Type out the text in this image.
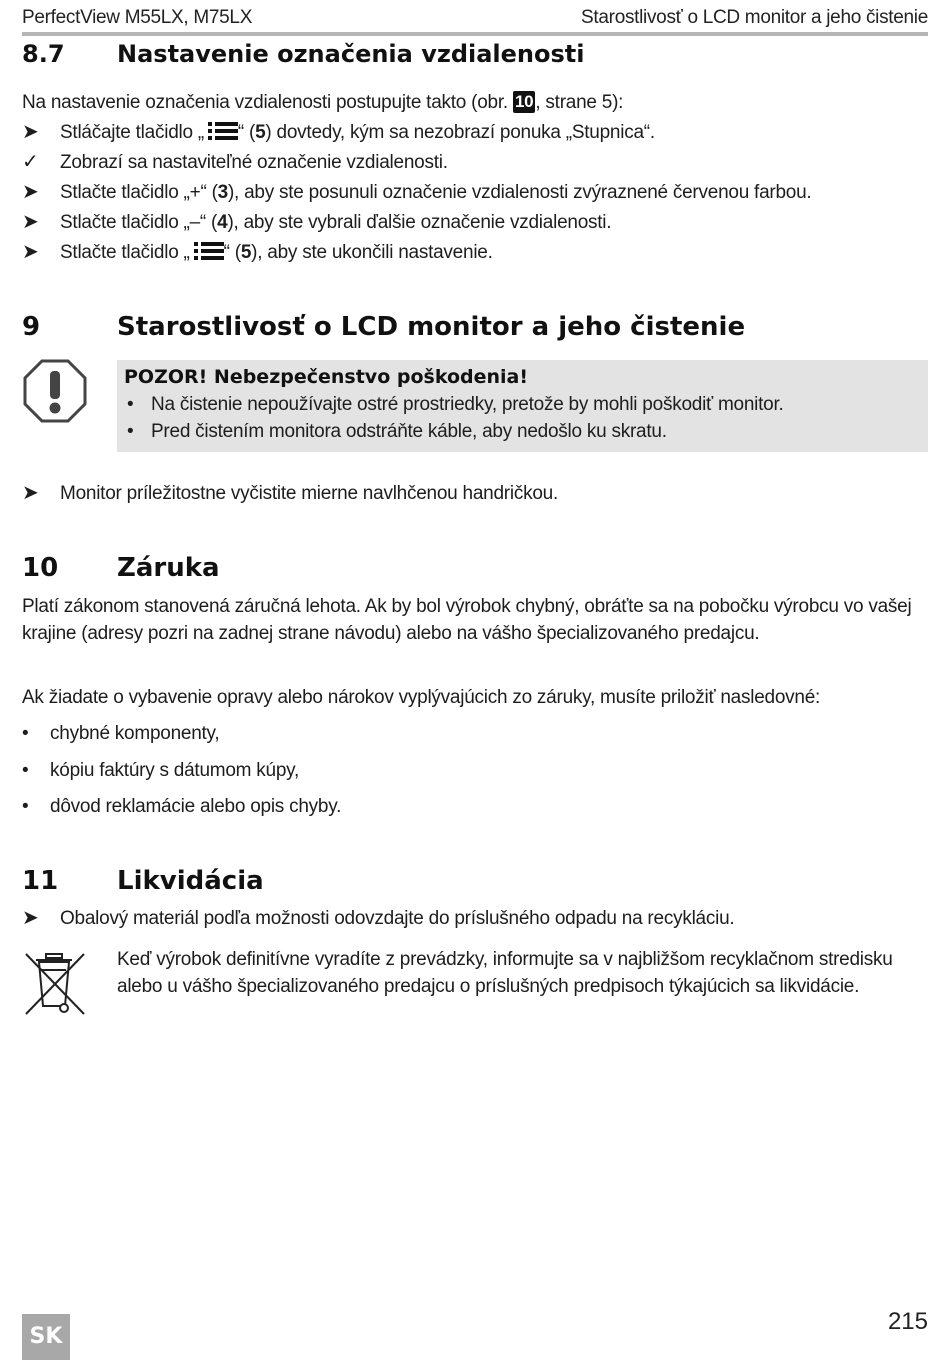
PerfectView M55LX, M75LX	Starostlivosť o LCD monitor a jeho čistenie
8.7 Nastavenie označenia vzdialenosti
Na nastavenie označenia vzdialenosti postupujte takto (obr. 10 , strane 5):
➤	Stláčajte tlačidlo „ “ (5) dovtedy, kým sa nezobrazí ponuka „Stupnica“.
✓	Zobrazí sa nastaviteľné označenie vzdialenosti.
➤	Stlačte tlačidlo „+“ (3), aby ste posunuli označenie vzdialenosti zvýraznené červenou farbou.
➤	Stlačte tlačidlo „–“ (4), aby ste vybrali ďalšie označenie vzdialenosti.
➤	Stlačte tlačidlo „ “ (5), aby ste ukončili nastavenie.
9	Starostlivosť o LCD monitor a jeho čistenie
POZOR! Nebezpečenstvo poškodenia!
• Na čistenie nepoužívajte ostré prostriedky, pretože by mohli poškodiť monitor.
• Pred čistením monitora odstráňte káble, aby nedošlo ku skratu.
➤	Monitor príležitostne vyčistite mierne navlhčenou handričkou.
10 Záruka
Platí zákonom stanovená záručná lehota. Ak by bol výrobok chybný, obráťte sa na pobočku výrobcu vo vašej krajine (adresy pozri na zadnej strane návodu) alebo na vášho špecializovaného predajcu.
Ak žiadate o vybavenie opravy alebo nárokov vyplývajúcich zo záruky, musíte priložiť nasledovné:
• chybné komponenty,
• kópiu faktúry s dátumom kúpy,
• dôvod reklamácie alebo opis chyby.
11 Likvidácia
➤	Obalový materiál podľa možnosti odovzdajte do príslušného odpadu na recykláciu.
Keď výrobok definitívne vyradíte z prevádzky, informujte sa v najbližšom recyklačnom stredisku alebo u vášho špecializovaného predajcu o príslušných predpisoch týkajúcich sa likvidácie.
SK
215
